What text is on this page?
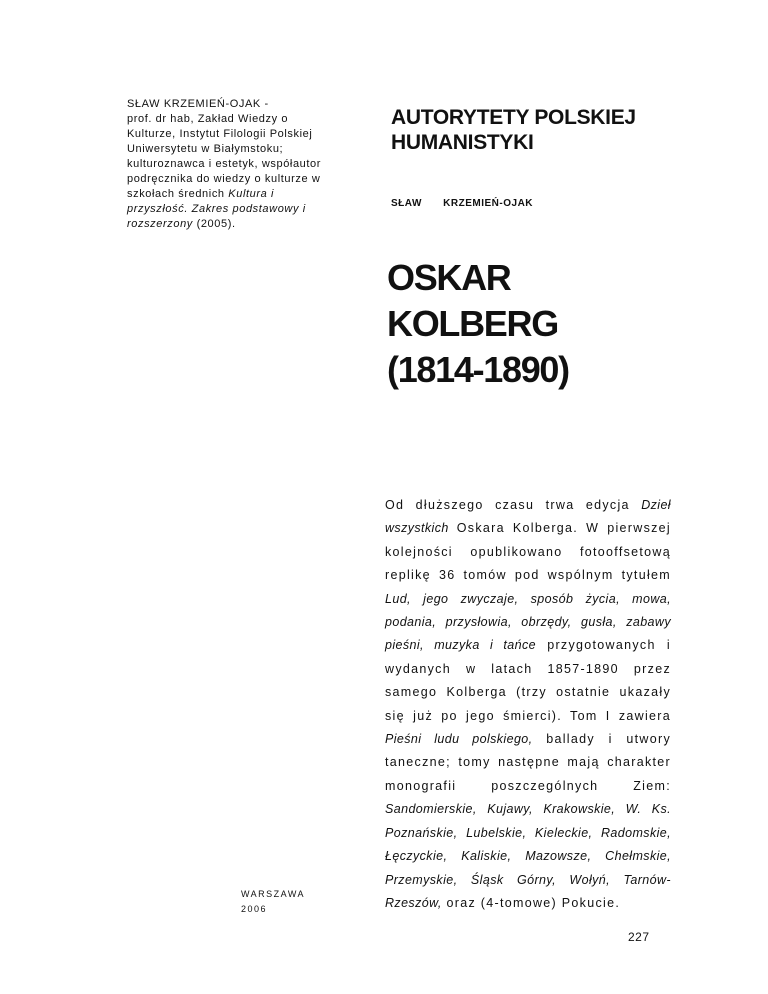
SŁAW KRZEMIEŃ-OJAK -
prof. dr hab, Zakład Wiedzy o Kulturze, Instytut Filologii Polskiej Uniwersytetu w Białymstoku; kulturoznawca i estetyk, współautor podręcznika do wiedzy o kulturze w szkołach średnich Kultura i przyszłość. Zakres podstawowy i rozszerzony (2005).
AUTORYTETY POLSKIEJ
HUMANISTYKI
SŁAW KRZEMIEŃ-OJAK
OSKAR
KOLBERG
(1814-1890)
Od dłuższego czasu trwa edycja Dzieł wszystkich Oskara Kolberga. W pierwszej kolejności opublikowano fotooffsetową replikę 36 tomów pod wspólnym tytułem Lud, jego zwyczaje, sposób życia, mowa, podania, przysłowia, obrzędy, gusła, zabawy pieśni, muzyka i tańce przygotowanych i wydanych w latach 1857-1890 przez samego Kolberga (trzy ostatnie ukazały się już po jego śmierci). Tom I zawiera Pieśni ludu polskiego, ballady i utwory taneczne; tomy następne mają charakter monografii poszczególnych Ziem: Sandomierskie, Kujawy, Krakowskie, W. Ks. Poznańskie, Lubelskie, Kieleckie, Radomskie, Łęczyckie, Kaliskie, Mazowsze, Chełmskie, Przemyskie, Śląsk Górny, Wołyń, Tarnów-Rzeszów, oraz (4-tomowe) Pokucie.
WARSZAWA
2006
227
